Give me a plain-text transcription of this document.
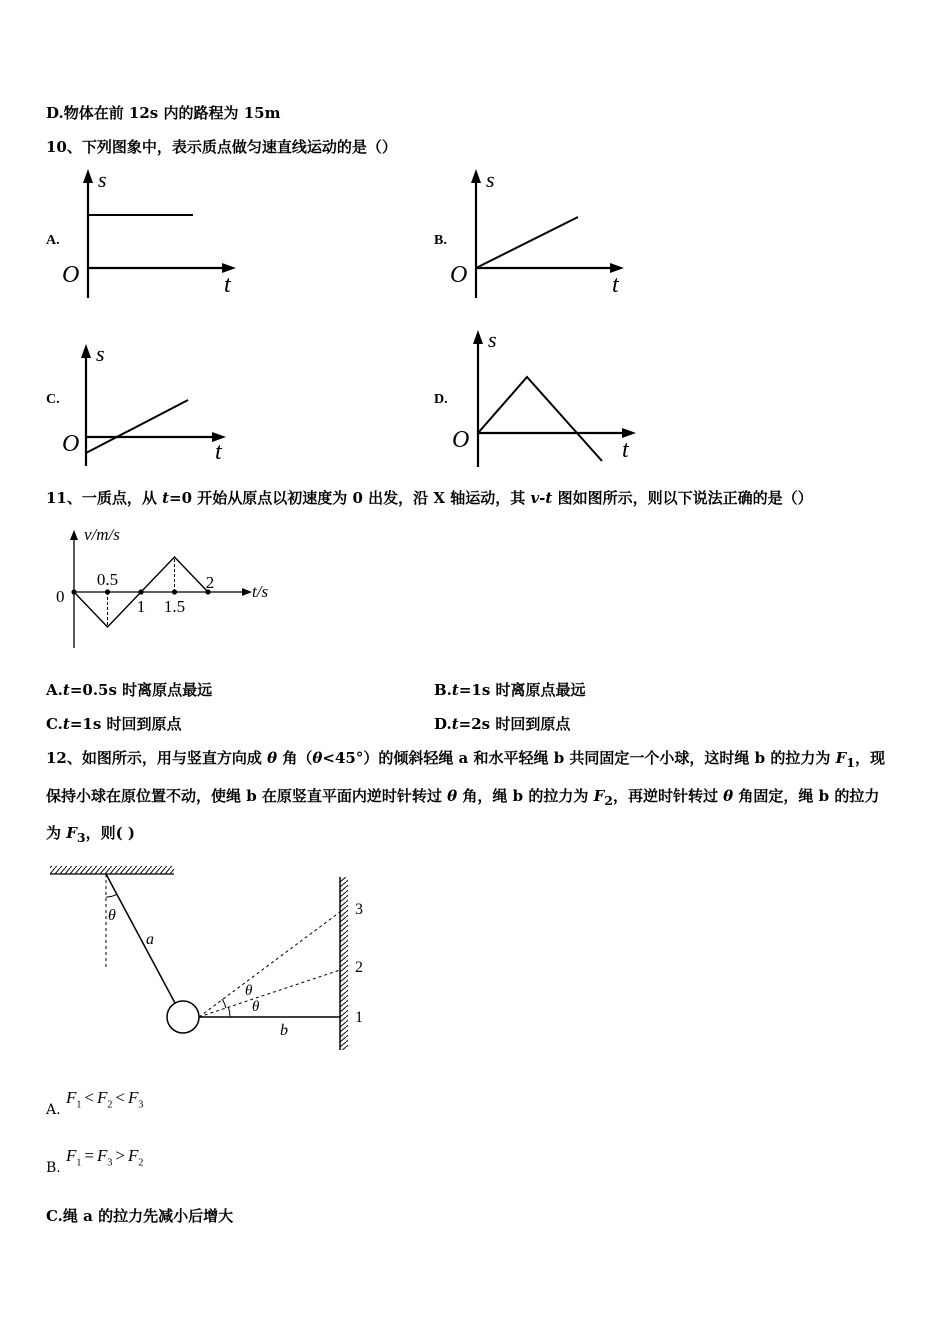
D.物体在前 12s 内的路程为 15m
10、下列图象中，表示质点做匀速直线运动的是（）
A.
s
O	t
B.
s
O	t
C.
s
O	t
D.
s
O	t
11、一质点，从 t=0 开始从原点以初速度为 0 出发，沿 X 轴运动，其 v-t 图如图所示，则以下说法正确的是（）
v/m/s
t/s
0
0.5
1 1.5
2
A.t=0.5s 时离原点最远	B.t=1s 时离原点最远
C.t=1s 时回到原点	D.t=2s 时回到原点
12、如图所示，用与竖直方向成 θ 角（θ<45°）的倾斜轻绳 a 和水平轻绳 b 共同固定一个小球，这时绳 b 的拉力为 $F_1$，现
保持小球在原位置不动，使绳 b 在原竖直平面内逆时针转过 θ 角，绳 b 的拉力为 $F_2$，再逆时针转过 θ 角固定，绳 b 的拉力
为 $F_3$，则( )
θ
a
θ
θ
b
1
2
3
A.
$F_1 < F_2 < F_3$
B.
$F_1 = F_3 > F_2$
C.绳 a 的拉力先减小后增大
